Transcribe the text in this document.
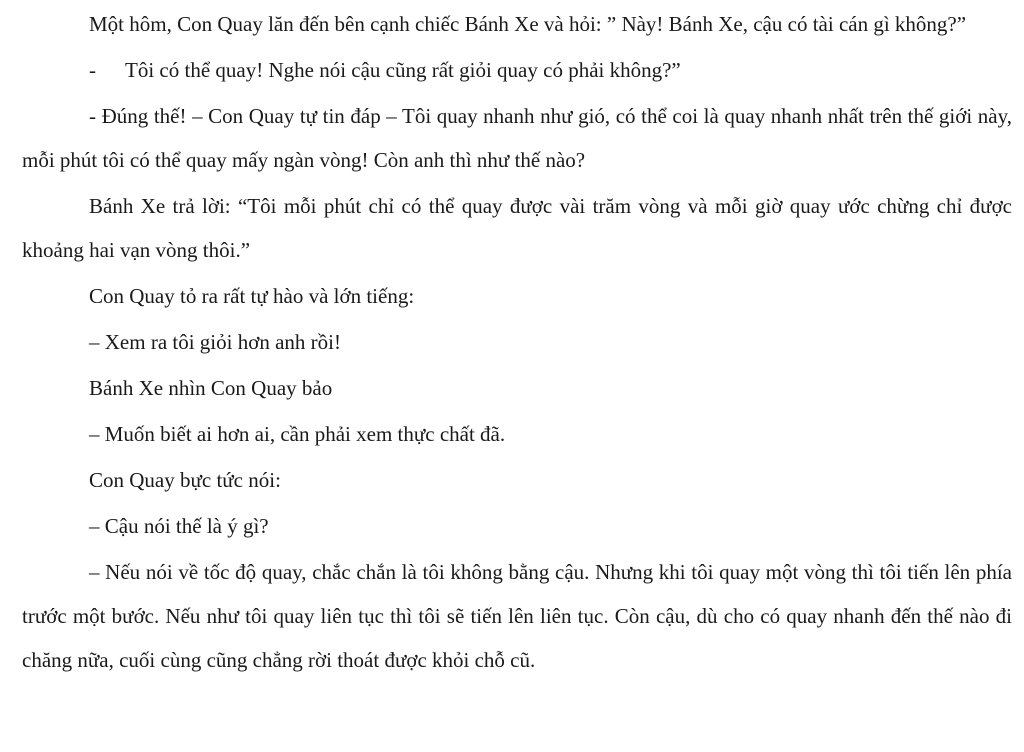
Một hôm, Con Quay lăn đến bên cạnh chiếc Bánh Xe và hỏi: ” Này! Bánh Xe, cậu có tài cán gì không?”

- Tôi có thể quay! Nghe nói cậu cũng rất giỏi quay có phải không?”

- Đúng thế! – Con Quay tự tin đáp – Tôi quay nhanh như gió, có thể coi là quay nhanh nhất trên thế giới này, mỗi phút tôi có thể quay mấy ngàn vòng! Còn anh thì như thế nào?

Bánh Xe trả lời: “Tôi mỗi phút chỉ có thể quay được vài trăm vòng và mỗi giờ quay ước chừng chỉ được khoảng hai vạn vòng thôi.”

Con Quay tỏ ra rất tự hào và lớn tiếng:

– Xem ra tôi giỏi hơn anh rồi!

Bánh Xe nhìn Con Quay bảo

– Muốn biết ai hơn ai, cần phải xem thực chất đã.

Con Quay bực tức nói:

– Cậu nói thế là ý gì?

– Nếu nói về tốc độ quay, chắc chắn là tôi không bằng cậu. Nhưng khi tôi quay một vòng thì tôi tiến lên phía trước một bước. Nếu như tôi quay liên tục thì tôi sẽ tiến lên liên tục. Còn cậu, dù cho có quay nhanh đến thế nào đi chăng nữa, cuối cùng cũng chẳng rời thoát được khỏi chỗ cũ.
